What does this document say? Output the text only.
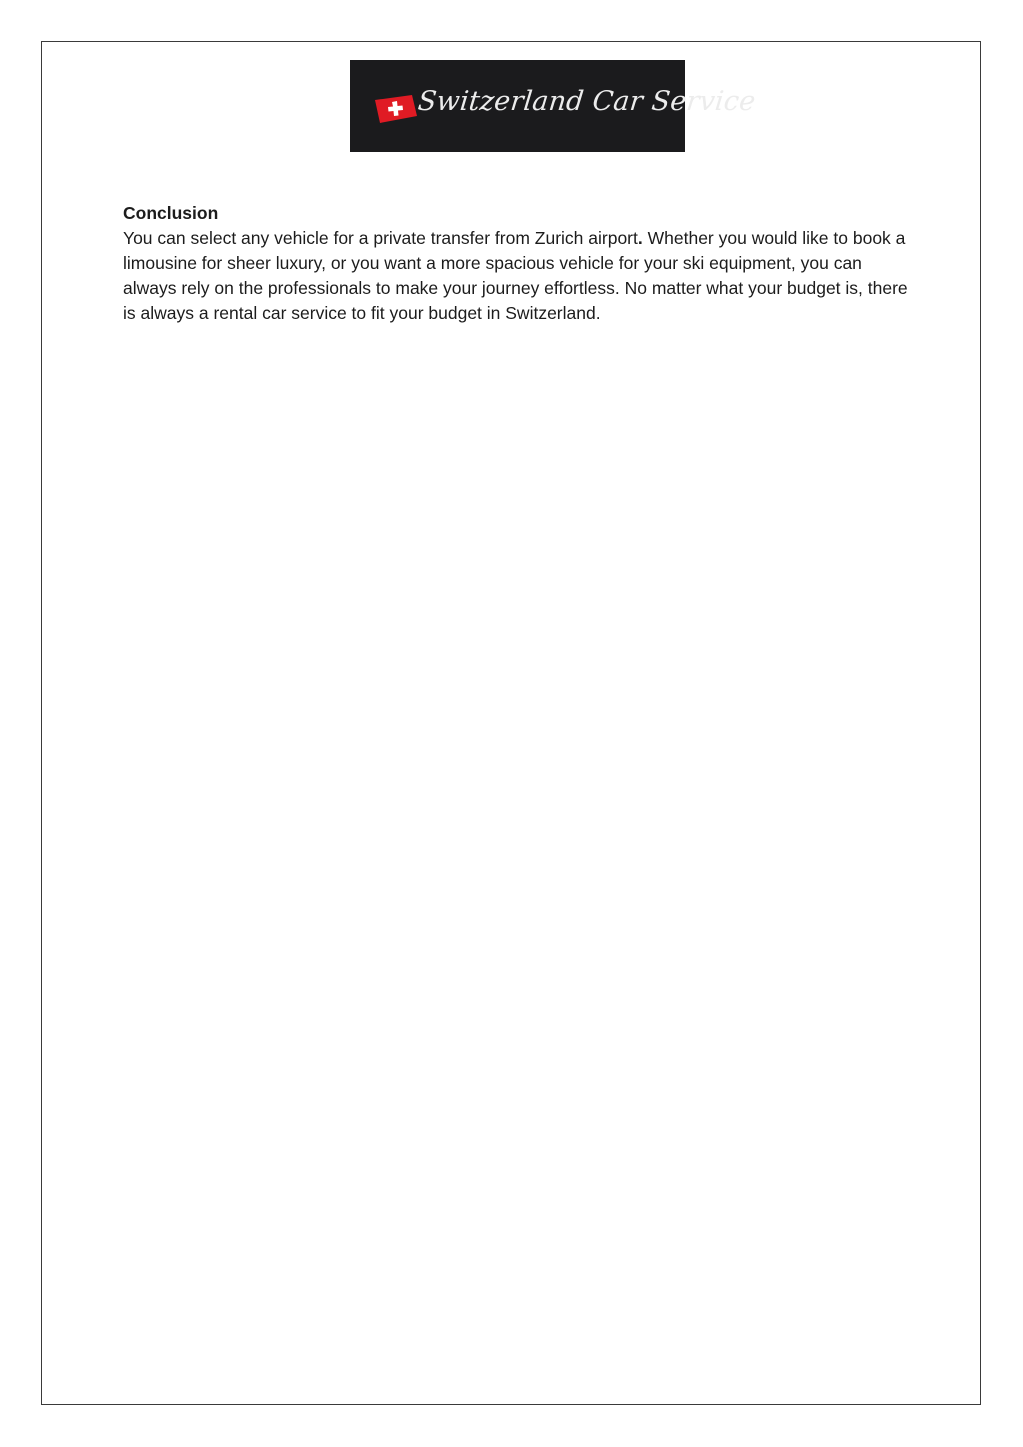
Switzerland Car Service

Conclusion

You can select any vehicle for a private transfer from Zurich airport. Whether you would like to book a limousine for sheer luxury, or you want a more spacious vehicle for your ski equipment, you can always rely on the professionals to make your journey effortless. No matter what your budget is, there is always a rental car service to fit your budget in Switzerland.
